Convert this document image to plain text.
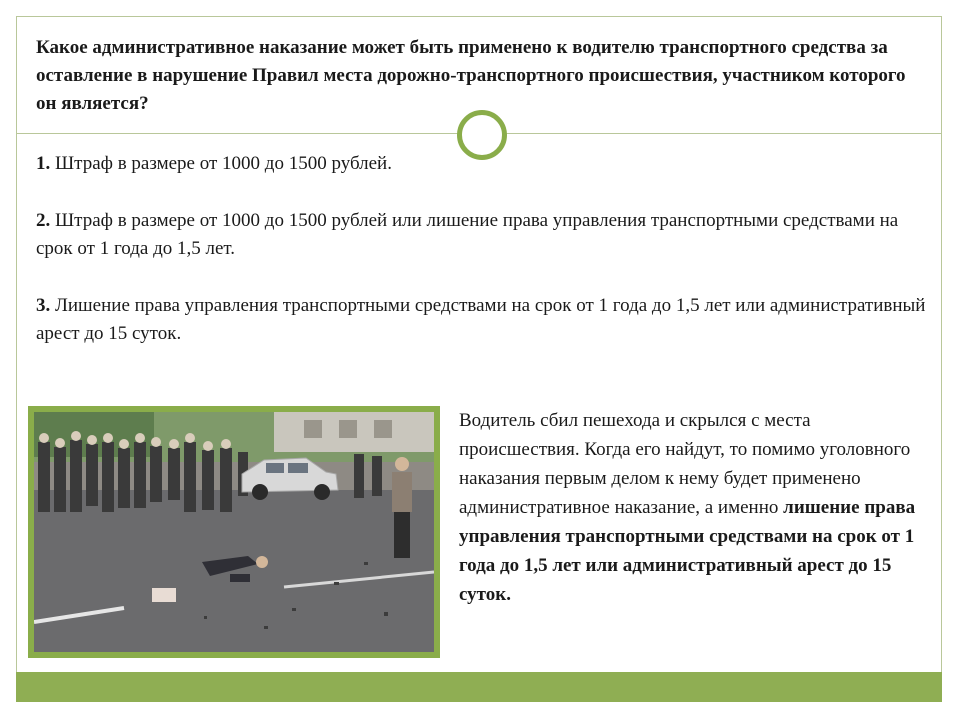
Какое административное наказание может быть применено к водителю транспортного средства за оставление в нарушение Правил места дорожно-транспортного происшествия, участником которого он является?

1. Штраф в размере от 1000 до 1500 рублей.

2. Штраф в размере от 1000 до 1500 рублей или лишение права управления транспортными средствами на срок от 1 года до 1,5 лет.

3. Лишение права управления транспортными средствами на срок от 1 года до 1,5 лет или административный арест до 15 суток.

Водитель сбил пешехода и скрылся с места происшествия. Когда его найдут, то помимо уголовного наказания первым делом к нему будет применено административное наказание, а именно лишение права управления транспортными средствами на срок от 1 года до 1,5 лет или административный арест до 15 суток.
